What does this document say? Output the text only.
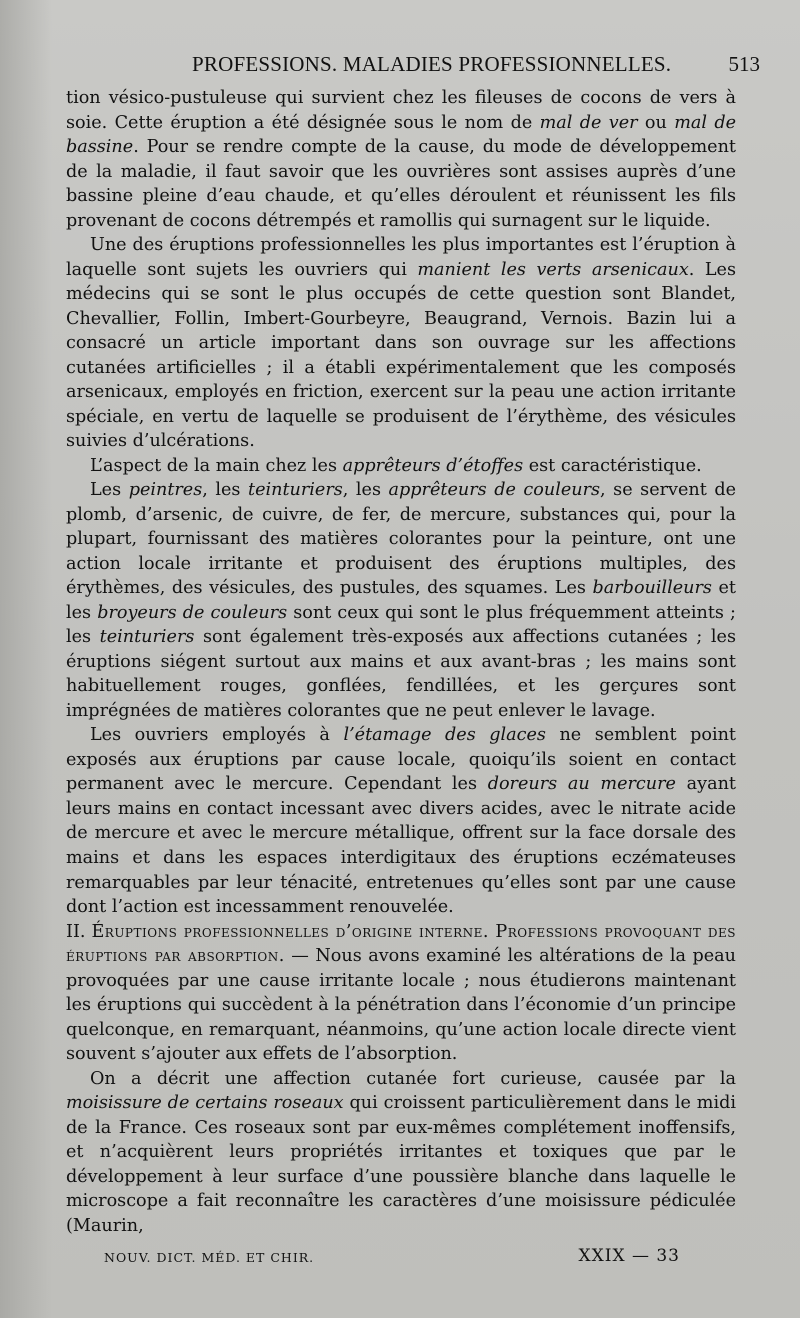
PROFESSIONS. MALADIES PROFESSIONNELLES.	513

tion vésico-pustuleuse qui survient chez les fileuses de cocons de vers à soie. Cette éruption a été désignée sous le nom de mal de ver ou mal de bassine. Pour se rendre compte de la cause, du mode de développement de la maladie, il faut savoir que les ouvrières sont assises auprès d’une bassine pleine d’eau chaude, et qu’elles déroulent et réunissent les fils provenant de cocons détrempés et ramollis qui surnagent sur le liquide.

Une des éruptions professionnelles les plus importantes est l’éruption à laquelle sont sujets les ouvriers qui manient les verts arsenicaux. Les médecins qui se sont le plus occupés de cette question sont Blandet, Chevallier, Follin, Imbert-Gourbeyre, Beaugrand, Vernois. Bazin lui a consacré un article important dans son ouvrage sur les affections cutanées artificielles ; il a établi expérimentalement que les composés arsenicaux, employés en friction, exercent sur la peau une action irritante spéciale, en vertu de laquelle se produisent de l’érythème, des vésicules suivies d’ulcérations.

L’aspect de la main chez les apprêteurs d’étoffes est caractéristique.

Les peintres, les teinturiers, les apprêteurs de couleurs, se servent de plomb, d’arsenic, de cuivre, de fer, de mercure, substances qui, pour la plupart, fournissant des matières colorantes pour la peinture, ont une action locale irritante et produisent des éruptions multiples, des érythèmes, des vésicules, des pustules, des squames. Les barbouilleurs et les broyeurs de couleurs sont ceux qui sont le plus fréquemment atteints ; les teinturiers sont également très-exposés aux affections cutanées ; les éruptions siégent surtout aux mains et aux avant-bras ; les mains sont habituellement rouges, gonflées, fendillées, et les gerçures sont imprégnées de matières colorantes que ne peut enlever le lavage.

Les ouvriers employés à l’étamage des glaces ne semblent point exposés aux éruptions par cause locale, quoiqu’ils soient en contact permanent avec le mercure. Cependant les doreurs au mercure ayant leurs mains en contact incessant avec divers acides, avec le nitrate acide de mercure et avec le mercure métallique, offrent sur la face dorsale des mains et dans les espaces interdigitaux des éruptions eczémateuses remarquables par leur ténacité, entretenues qu’elles sont par une cause dont l’action est incessamment renouvelée.

II. Éruptions professionnelles d’origine interne. Professions provoquant des éruptions par absorption. — Nous avons examiné les altérations de la peau provoquées par une cause irritante locale ; nous étudierons maintenant les éruptions qui succèdent à la pénétration dans l’économie d’un principe quelconque, en remarquant, néanmoins, qu’une action locale directe vient souvent s’ajouter aux effets de l’absorption.

On a décrit une affection cutanée fort curieuse, causée par la moisissure de certains roseaux qui croissent particulièrement dans le midi de la France. Ces roseaux sont par eux-mêmes complétement inoffensifs, et n’acquièrent leurs propriétés irritantes et toxiques que par le développement à leur surface d’une poussière blanche dans laquelle le microscope a fait reconnaître les caractères d’une moisissure pédiculée (Maurin,

NOUV. DICT. MÉD. ET CHIR.	XXIX — 33
